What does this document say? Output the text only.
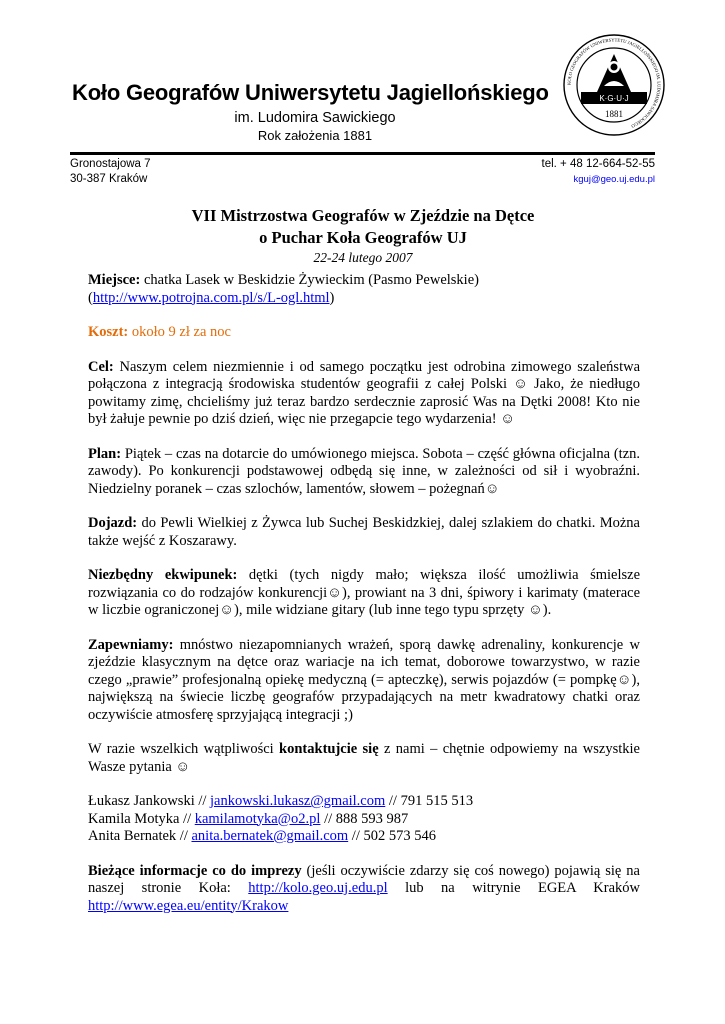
Koło Geografów Uniwersytetu Jagiellońskiego
im. Ludomira Sawickiego
Rok założenia 1881
KOŁO GEOGRAFÓW UNIWERSYTETU JAGIELLOŃSKIEGO IM. LUDOMIRA SAWICKIEGO
K·G·U·J
1881
Gronostajowa 7
30-387 Kraków
tel. + 48 12-664-52-55
kguj@geo.uj.edu.pl
VII Mistrzostwa Geografów w Zjeździe na Dętce
o Puchar Koła Geografów UJ
22-24 lutego 2007

Miejsce: chatka Lasek w Beskidzie Żywieckim (Pasmo Pewelskie)
(http://www.potrojna.com.pl/s/L-ogl.html)

Koszt: około 9 zł za noc

Cel: Naszym celem niezmiennie i od samego początku jest odrobina zimowego szaleństwa połączona z integracją środowiska studentów geografii z całej Polski ☺ Jako, że niedługo powitamy zimę, chcieliśmy już teraz bardzo serdecznie zaprosić Was na Dętki 2008! Kto nie był żałuje pewnie po dziś dzień, więc nie przegapcie tego wydarzenia! ☺

Plan: Piątek – czas na dotarcie do umówionego miejsca. Sobota – część główna oficjalna (tzn. zawody). Po konkurencji podstawowej odbędą się inne, w zależności od sił i wyobraźni. Niedzielny poranek – czas szlochów, lamentów, słowem – pożegnań☺

Dojazd: do Pewli Wielkiej z Żywca lub Suchej Beskidzkiej, dalej szlakiem do chatki. Można także wejść z Koszarawy.

Niezbędny ekwipunek: dętki (tych nigdy mało; większa ilość umożliwia śmielsze rozwiązania co do rodzajów konkurencji☺), prowiant na 3 dni, śpiwory i karimaty (materace w liczbie ograniczonej☺), mile widziane gitary (lub inne tego typu sprzęty ☺).

Zapewniamy: mnóstwo niezapomnianych wrażeń, sporą dawkę adrenaliny, konkurencje w zjeździe klasycznym na dętce oraz wariacje na ich temat, doborowe towarzystwo, w razie czego „prawie” profesjonalną opiekę medyczną (= apteczkę), serwis pojazdów (= pompkę☺), największą na świecie liczbę geografów przypadających na metr kwadratowy chatki oraz oczywiście atmosferę sprzyjającą integracji ;)

W razie wszelkich wątpliwości kontaktujcie się z nami – chętnie odpowiemy na wszystkie Wasze pytania ☺

Łukasz Jankowski // jankowski.lukasz@gmail.com // 791 515 513
Kamila Motyka // kamilamotyka@o2.pl // 888 593 987
Anita Bernatek // anita.bernatek@gmail.com // 502 573 546

Bieżące informacje co do imprezy (jeśli oczywiście zdarzy się coś nowego) pojawią się na naszej stronie Koła: http://kolo.geo.uj.edu.pl lub na witrynie EGEA Kraków http://www.egea.eu/entity/Krakow
